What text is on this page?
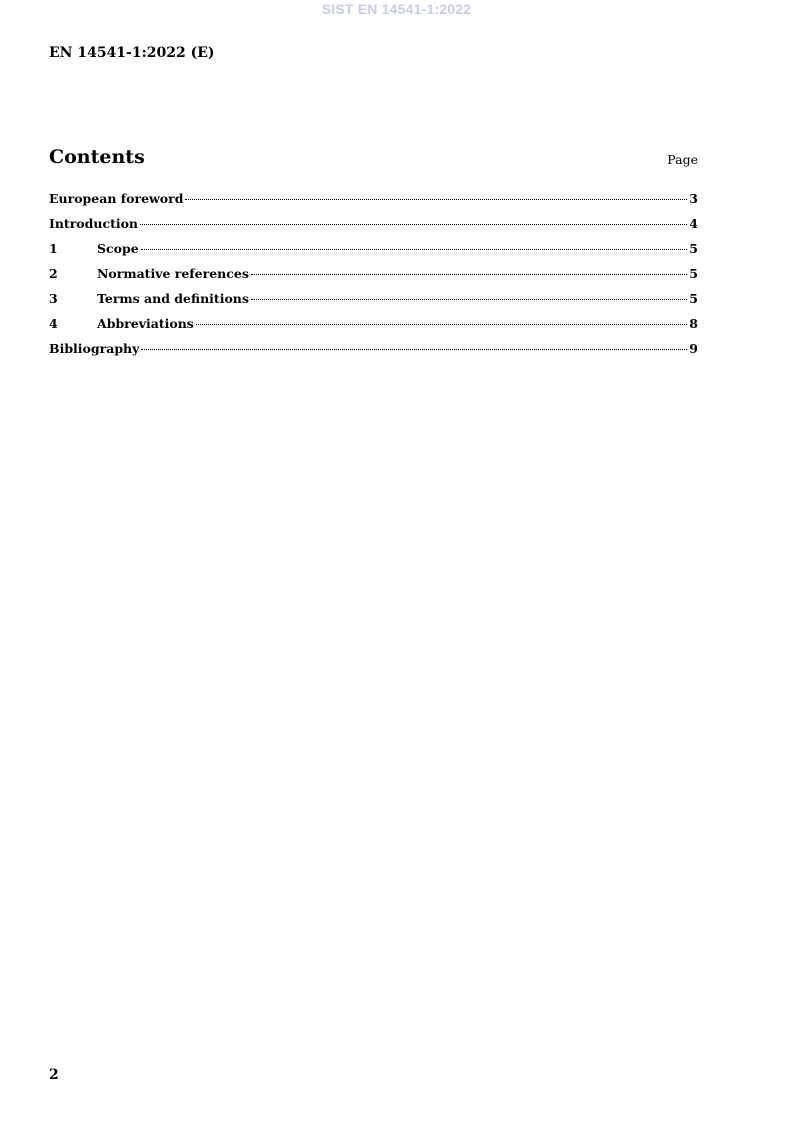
SIST EN 14541-1:2022
EN 14541-1:2022 (E)
Contents	Page
European foreword	3
Introduction	4
1	Scope	5
2	Normative references	5
3	Terms and definitions	5
4	Abbreviations	8
Bibliography	9
2
